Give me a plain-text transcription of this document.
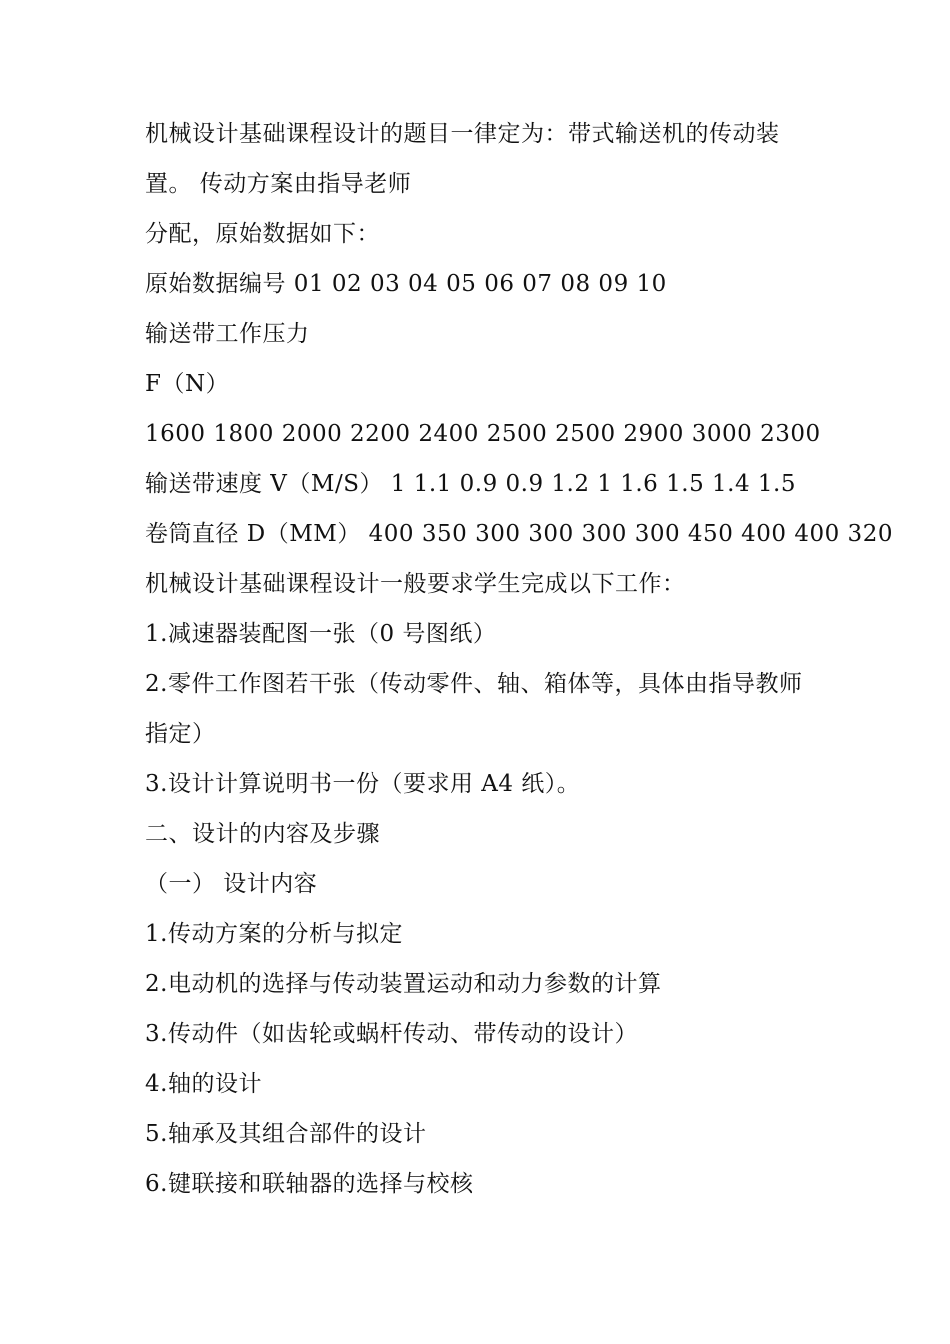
机械设计基础课程设计的题目一律定为：带式输送机的传动装
置。 传动方案由指导老师
分配，原始数据如下：
原始数据编号 01 02 03 04 05 06 07 08 09 10
输送带工作压力
F（N）
1600 1800 2000 2200 2400 2500 2500 2900 3000 2300
输送带速度 V（M/S） 1 1.1 0.9 0.9 1.2 1 1.6 1.5 1.4 1.5
卷筒直径 D（MM） 400 350 300 300 300 300 450 400 400 320
机械设计基础课程设计一般要求学生完成以下工作：
1.减速器装配图一张（0 号图纸）
2.零件工作图若干张（传动零件、轴、箱体等，具体由指导教师
指定）
3.设计计算说明书一份（要求用 A4 纸）。
二、设计的内容及步骤
（一） 设计内容
1.传动方案的分析与拟定
2.电动机的选择与传动装置运动和动力参数的计算
3.传动件（如齿轮或蜗杆传动、带传动的设计）
4.轴的设计
5.轴承及其组合部件的设计
6.键联接和联轴器的选择与校核
